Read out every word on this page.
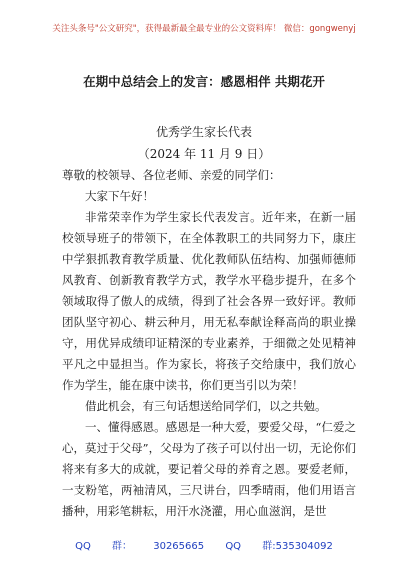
关注头条号"公文研究"，获得最新最全最专业的公文资料库！ 微信：gongwenyj
在期中总结会上的发言：感恩相伴 共期花开
优秀学生家长代表
（2024 年 11 月 9 日）

尊敬的校领导、各位老师、亲爱的同学们：

大家下午好！

非常荣幸作为学生家长代表发言。近年来，在新一届校领导班子的带领下，在全体教职工的共同努力下，康庄中学狠抓教育教学质量、优化教师队伍结构、加强师德师风教育、创新教育教学方式，教学水平稳步提升，在多个领域取得了傲人的成绩，得到了社会各界一致好评。教师团队坚守初心、耕云种月，用无私奉献诠释高尚的职业操守，用优异成绩印证精深的专业素养，于细微之处见精神平凡之中显担当。作为家长，将孩子交给康中，我们放心作为学生，能在康中读书，你们更当引以为荣！

借此机会，有三句话想送给同学们，以之共勉。

一、懂得感恩。感恩是一种大爱，要爱父母，“仁爱之心，莫过于父母”，父母为了孩子可以付出一切，无论你们将来有多大的成就，要记着父母的养育之恩。要爱老师，一支粉笔，两袖清风，三尺讲台，四季晴雨，他们用语言播种，用彩笔耕耘，用汗水浇灌，用心血滋润，是世

QQ 群： 30265665 QQ 群:535304092
